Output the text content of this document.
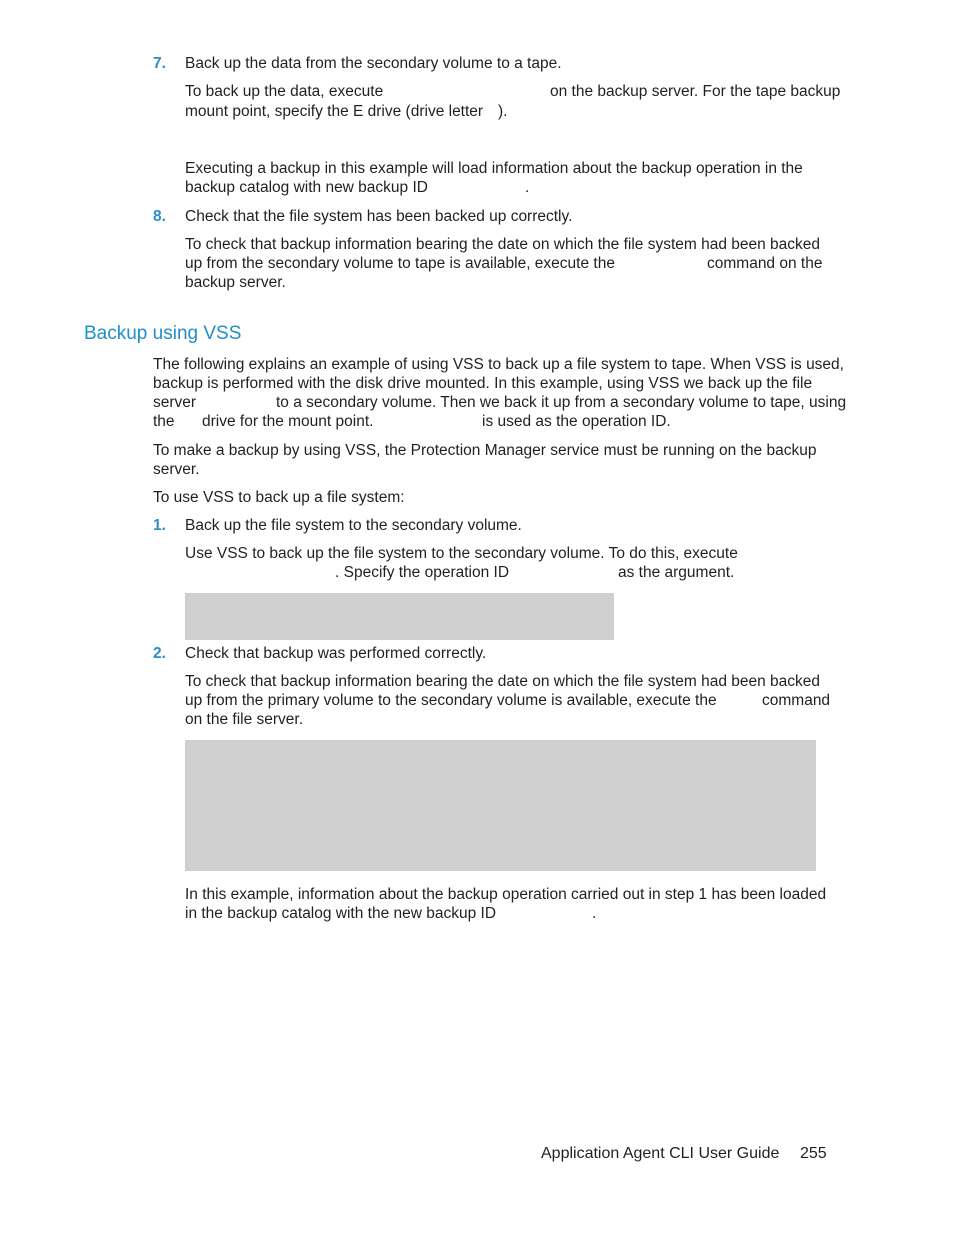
7. Back up the data from the secondary volume to a tape.
To back up the data, execute	on the backup server. For the tape backup
mount point, specify the E drive (drive letter ).
Executing a backup in this example will load information about the backup operation in the
backup catalog with new backup ID	.
8. Check that the file system has been backed up correctly.
To check that backup information bearing the date on which the file system had been backed
up from the secondary volume to tape is available, execute the	command on the
backup server.
Backup using VSS
The following explains an example of using VSS to back up a file system to tape. When VSS is used,
backup is performed with the disk drive mounted. In this example, using VSS we back up the file
server	to a secondary volume. Then we back it up from a secondary volume to tape, using
the drive for the mount point.	is used as the operation ID.
To make a backup by using VSS, the Protection Manager service must be running on the backup
server.
To use VSS to back up a file system:
1. Back up the file system to the secondary volume.
Use VSS to back up the file system to the secondary volume. To do this, execute
. Specify the operation ID	as the argument.
2. Check that backup was performed correctly.
To check that backup information bearing the date on which the file system had been backed
up from the primary volume to the secondary volume is available, execute the	command
on the file server.
In this example, information about the backup operation carried out in step 1 has been loaded
in the backup catalog with the new backup ID	.
Application Agent CLI User Guide 255
